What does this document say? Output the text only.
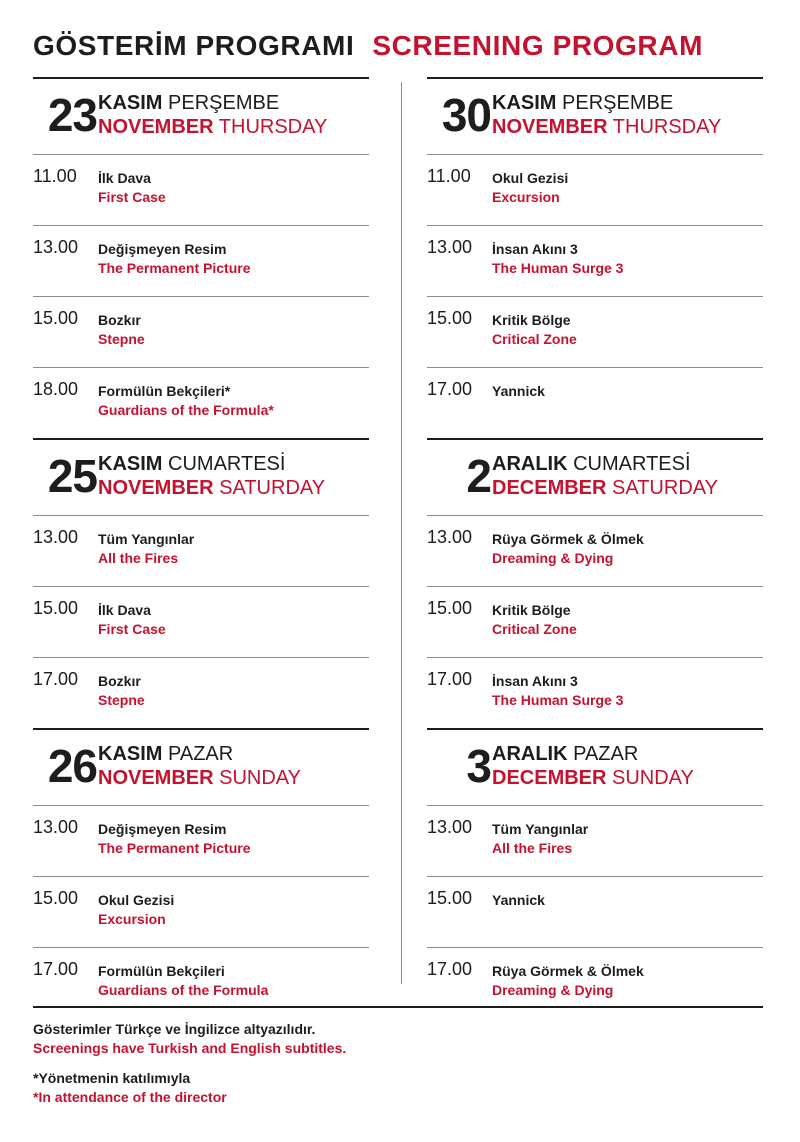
GÖSTERİM PROGRAMI SCREENING PROGRAM
23 KASIM PERŞEMBE
NOVEMBER THURSDAY
11.00 İlk Dava
First Case
13.00 Değişmeyen Resim
The Permanent Picture
15.00 Bozkır
Stepne
18.00 Formülün Bekçileri*
Guardians of the Formula*
25 KASIM CUMARTESİ
NOVEMBER SATURDAY
13.00 Tüm Yangınlar
All the Fires
15.00 İlk Dava
First Case
17.00 Bozkır
Stepne
26 KASIM PAZAR
NOVEMBER SUNDAY
13.00 Değişmeyen Resim
The Permanent Picture
15.00 Okul Gezisi
Excursion
17.00 Formülün Bekçileri
Guardians of the Formula
30 KASIM PERŞEMBE
NOVEMBER THURSDAY
11.00 Okul Gezisi
Excursion
13.00 İnsan Akını 3
The Human Surge 3
15.00 Kritik Bölge
Critical Zone
17.00 Yannick
2 ARALIK CUMARTESİ
DECEMBER SATURDAY
13.00 Rüya Görmek & Ölmek
Dreaming & Dying
15.00 Kritik Bölge
Critical Zone
17.00 İnsan Akını 3
The Human Surge 3
3 ARALIK PAZAR
DECEMBER SUNDAY
13.00 Tüm Yangınlar
All the Fires
15.00 Yannick
17.00 Rüya Görmek & Ölmek
Dreaming & Dying
Gösterimler Türkçe ve İngilizce altyazılıdır.
Screenings have Turkish and English subtitles.
*Yönetmenin katılımıyla
*In attendance of the director
